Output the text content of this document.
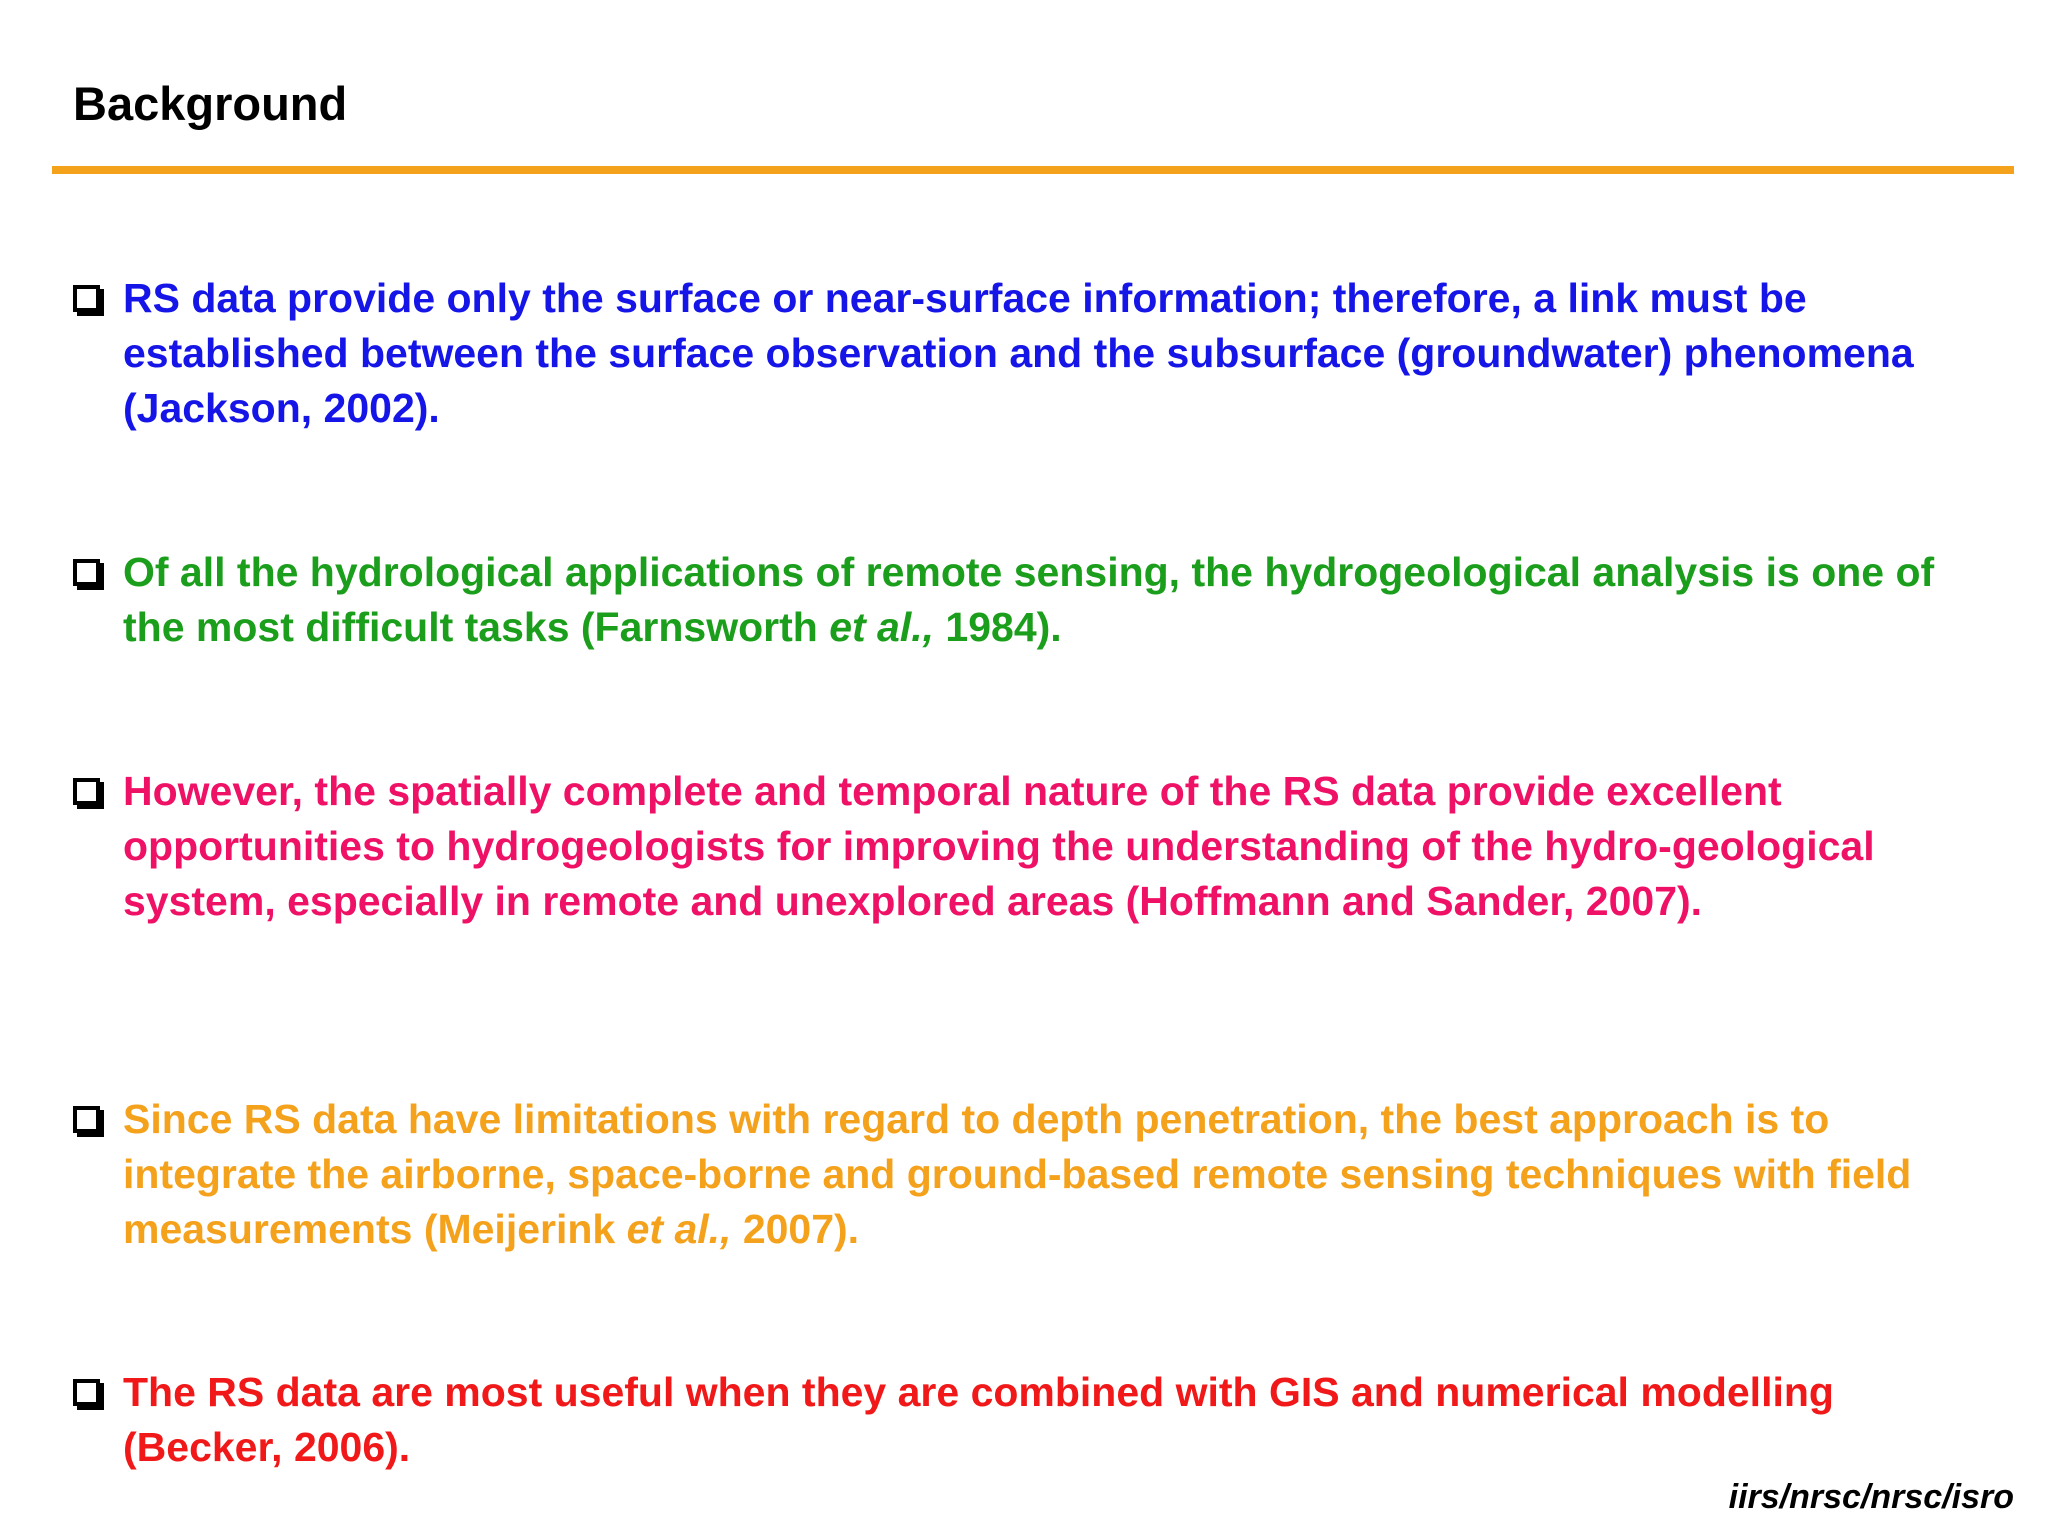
Background
RS data provide only the surface or near-surface information; therefore, a link must be established between the surface observation and the subsurface (groundwater) phenomena (Jackson, 2002).
Of all the hydrological applications of remote sensing, the hydrogeological analysis is one of the most difficult tasks (Farnsworth et al., 1984).
However, the spatially complete and temporal nature of the RS data provide excellent opportunities to hydrogeologists for improving the understanding of the hydro-geological system, especially in remote and unexplored areas (Hoffmann and Sander, 2007).
Since RS data have limitations with regard to depth penetration, the best approach is to integrate the airborne, space-borne and ground-based remote sensing techniques with field measurements (Meijerink et al., 2007).
The RS data are most useful when they are combined with GIS and numerical modelling (Becker, 2006).
iirs/nrsc/nrsc/isro
